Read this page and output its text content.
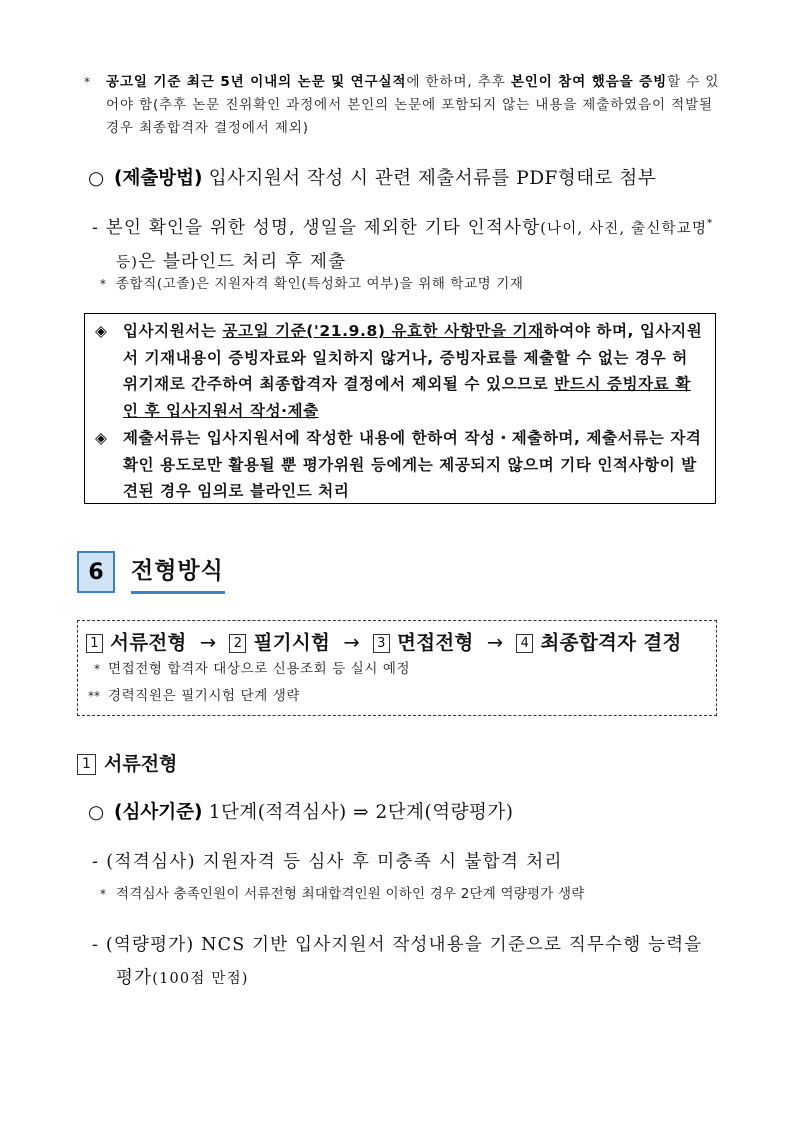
*	공고일 기준 최근 5년 이내의 논문 및 연구실적에 한하며, 추후 본인이 참여 했음을 증빙할 수 있어야 함(추후 논문 진위확인 과정에서 본인의 논문에 포함되지 않는 내용을 제출하였음이 적발될 경우 최종합격자 결정에서 제외)
○ (제출방법) 입사지원서 작성 시 관련 제출서류를 PDF형태로 첨부
- 본인 확인을 위한 성명, 생일을 제외한 기타 인적사항(나이, 사진, 출신학교명* 등)은 블라인드 처리 후 제출
* 종합직(고졸)은 지원자격 확인(특성화고 여부)을 위해 학교명 기재
◈	입사지원서는 공고일 기준('21.9.8) 유효한 사항만을 기재하여야 하며, 입사지원서 기재내용이 증빙자료와 일치하지 않거나, 증빙자료를 제출할 수 없는 경우 허위기재로 간주하여 최종합격자 결정에서 제외될 수 있으므로 반드시 증빙자료 확인 후 입사지원서 작성·제출
◈	제출서류는 입사지원서에 작성한 내용에 한하여 작성・제출하며, 제출서류는 자격확인 용도로만 활용될 뿐 평가위원 등에게는 제공되지 않으며 기타 인적사항이 발견된 경우 임의로 블라인드 처리
6	전형방식
1 서류전형 → 2 필기시험 → 3 면접전형 → 4 최종합격자 결정
* 면접전형 합격자 대상으로 신용조회 등 실시 예정
** 경력직원은 필기시험 단계 생략
1 서류전형
○ (심사기준) 1단계(적격심사) ⇒ 2단계(역량평가)
- (적격심사) 지원자격 등 심사 후 미충족 시 불합격 처리
* 적격심사 충족인원이 서류전형 최대합격인원 이하인 경우 2단계 역량평가 생략
- (역량평가) NCS 기반 입사지원서 작성내용을 기준으로 직무수행 능력을 평가(100점 만점)
